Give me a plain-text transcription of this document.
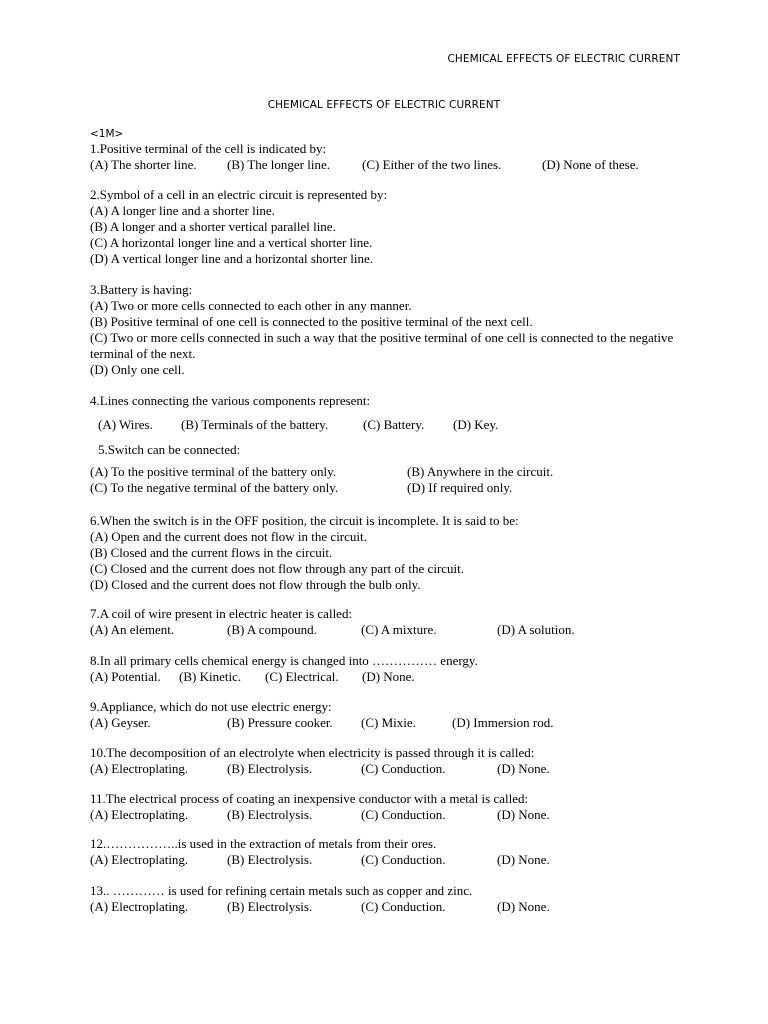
CHEMICAL EFFECTS OF ELECTRIC CURRENT
CHEMICAL EFFECTS OF ELECTRIC CURRENT
<1M>
1.Positive terminal of the cell is indicated by:
(A) The shorter line. (B) The longer line. (C) Either of the two lines.	(D) None of these.
2.Symbol of a cell in an electric circuit is represented by:
(A) A longer line and a shorter line.
(B) A longer and a shorter vertical parallel line.
(C) A horizontal longer line and a vertical shorter line.
(D) A vertical longer line and a horizontal shorter line.
3.Battery is having:
(A) Two or more cells connected to each other in any manner.
(B) Positive terminal of one cell is connected to the positive terminal of the next cell.
(C) Two or more cells connected in such a way that the positive terminal of one cell is connected to the negative terminal of the next.
(D) Only one cell.
4.Lines connecting the various components represent:
(A) Wires. (B) Terminals of the battery.	(C) Battery. (D) Key.
5.Switch can be connected:
(A) To the positive terminal of the battery only.	(B) Anywhere in the circuit.
(C) To the negative terminal of the battery only.	(D) If required only.
6.When the switch is in the OFF position, the circuit is incomplete. It is said to be:
(A) Open and the current does not flow in the circuit.
(B) Closed and the current flows in the circuit.
(C) Closed and the current does not flow through any part of the circuit.
(D) Closed and the current does not flow through the bulb only.
7.A coil of wire present in electric heater is called:
(A) An element.	(B) A compound.	(C) A mixture.	(D) A solution.
8.In all primary cells chemical energy is changed into …………… energy.
(A) Potential. (B) Kinetic. (C) Electrical. (D) None.
9.Appliance, which do not use electric energy:
(A) Geyser.	(B) Pressure cooker. (C) Mixie.	(D) Immersion rod.
10.The decomposition of an electrolyte when electricity is passed through it is called:
(A) Electroplating.	(B) Electrolysis.	(C) Conduction.	(D) None.
11.The electrical process of coating an inexpensive conductor with a metal is called:
(A) Electroplating.	(B) Electrolysis.	(C) Conduction.	(D) None.
12.……………..is used in the extraction of metals from their ores.
(A) Electroplating.	(B) Electrolysis.	(C) Conduction.	(D) None.
13.. ………… is used for refining certain metals such as copper and zinc.
(A) Electroplating.	(B) Electrolysis.	(C) Conduction.	(D) None.
